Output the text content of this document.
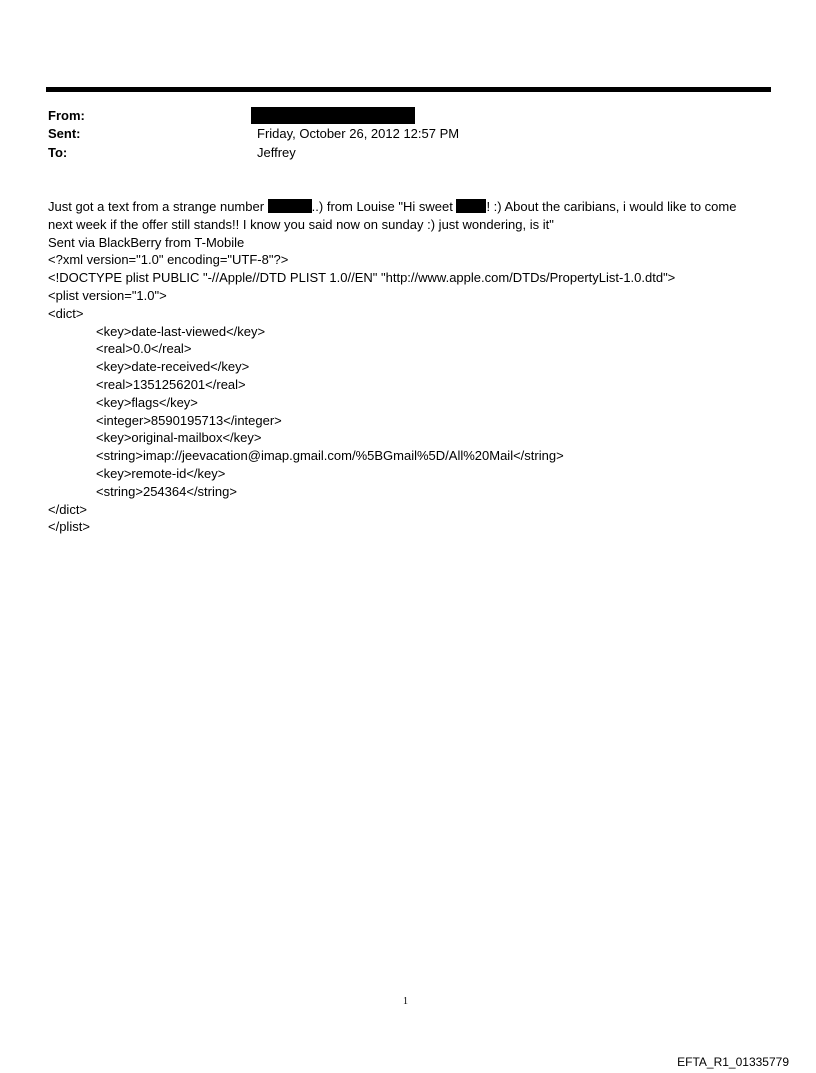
From:
Sent:	Friday, October 26, 2012 12:57 PM
To:	Jeffrey
Just got a text from a strange number	..) from Louise "Hi sweet ! :) About the caribians, i would like to come
next week if the offer still stands!! I know you said now on sunday :) just wondering, is it"
Sent via BlackBerry from T-Mobile
<?xml version="1.0" encoding="UTF-8"?>
<!DOCTYPE plist PUBLIC "-//Apple//DTD PLIST 1.0//EN" "http://www.apple.com/DTDs/PropertyList-1.0.dtd">
<plist version="1.0">
<dict>
<key>date-last-viewed</key>
<real>0.0</real>
<key>date-received</key>
<real>1351256201</real>
<key>flags</key>
<integer>8590195713</integer>
<key>original-mailbox</key>
<string>imap://jeevacation@imap.gmail.com/%5BGmail%5D/All%20Mail</string>
<key>remote-id</key>
<string>254364</string>
</dict>
</plist>
1
EFTA_R1_01335779
